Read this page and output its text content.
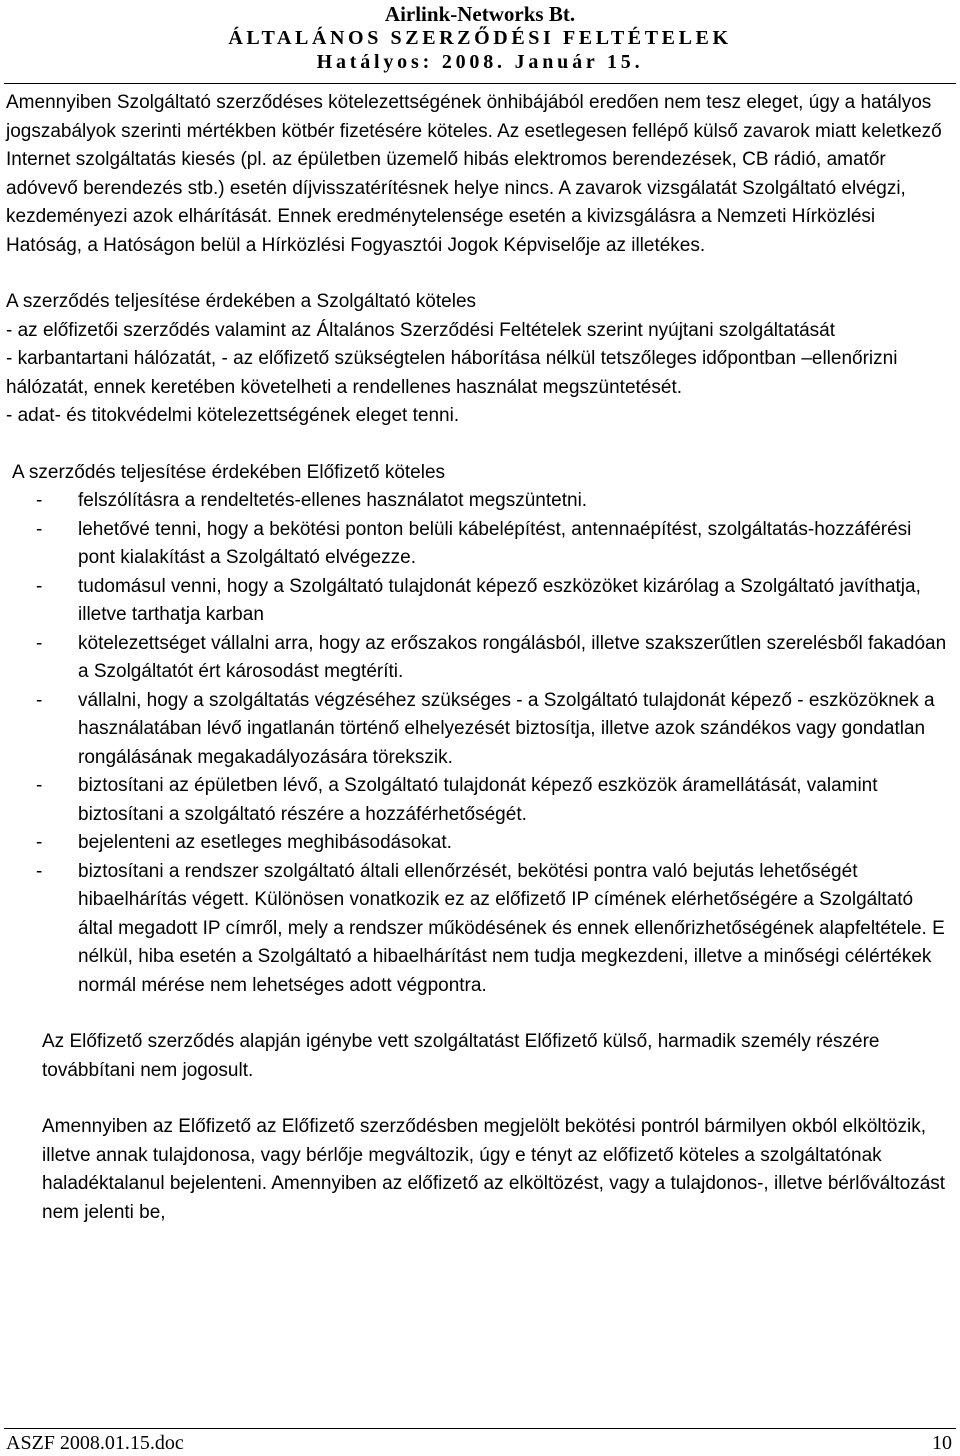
Airlink-Networks Bt.
ÁLTALÁNOS SZERZŐDÉSI FELTÉTELEK
Hatályos: 2008. Január 15.

Amennyiben Szolgáltató szerződéses kötelezettségének önhibájából eredően nem tesz eleget, úgy a hatályos jogszabályok szerinti mértékben kötbér fizetésére köteles. Az esetlegesen fellépő külső zavarok miatt keletkező Internet szolgáltatás kiesés (pl. az épületben üzemelő hibás elektromos berendezések, CB rádió, amatőr adóvevő berendezés stb.) esetén díjvisszatérítésnek helye nincs. A zavarok vizsgálatát Szolgáltató elvégzi, kezdeményezi azok elhárítását. Ennek eredménytelensége esetén a kivizsgálásra a Nemzeti Hírközlési Hatóság, a Hatóságon belül a Hírközlési Fogyasztói Jogok Képviselője az illetékes.

A szerződés teljesítése érdekében a Szolgáltató köteles

- az előfizetői szerződés valamint az Általános Szerződési Feltételek szerint nyújtani szolgáltatását

- karbantartani hálózatát, - az előfizető szükségtelen háborítása nélkül tetszőleges időpontban –ellenőrizni hálózatát, ennek keretében követelheti a rendellenes használat megszüntetését.

- adat- és titokvédelmi kötelezettségének eleget tenni.

A szerződés teljesítése érdekében Előfizető köteles

- felszólításra a rendeltetés-ellenes használatot megszüntetni.
- lehetővé tenni, hogy a bekötési ponton belüli kábelépítést, antennaépítést, szolgáltatás-hozzáférési pont kialakítást a Szolgáltató elvégezze.
- tudomásul venni, hogy a Szolgáltató tulajdonát képező eszközöket kizárólag a Szolgáltató javíthatja, illetve tarthatja karban
- kötelezettséget vállalni arra, hogy az erőszakos rongálásból, illetve szakszerűtlen szerelésből fakadóan a Szolgáltatót ért károsodást megtéríti.
- vállalni, hogy a szolgáltatás végzéséhez szükséges - a Szolgáltató tulajdonát képező - eszközöknek a használatában lévő ingatlanán történő elhelyezését biztosítja, illetve azok szándékos vagy gondatlan rongálásának megakadályozására törekszik.
- biztosítani az épületben lévő, a Szolgáltató tulajdonát képező eszközök áramellátását, valamint biztosítani a szolgáltató részére a hozzáférhetőségét.
- bejelenteni az esetleges meghibásodásokat.
- biztosítani a rendszer szolgáltató általi ellenőrzését, bekötési pontra való bejutás lehetőségét hibaelhárítás végett. Különösen vonatkozik ez az előfizető IP címének elérhetőségére a Szolgáltató által megadott IP címről, mely a rendszer működésének és ennek ellenőrizhetőségének alapfeltétele. E nélkül, hiba esetén a Szolgáltató a hibaelhárítást nem tudja megkezdeni, illetve a minőségi célértékek normál mérése nem lehetséges adott végpontra.

Az Előfizető szerződés alapján igénybe vett szolgáltatást Előfizető külső, harmadik személy részére továbbítani nem jogosult.

Amennyiben az Előfizető az Előfizető szerződésben megjelölt bekötési pontról bármilyen okból elköltözik, illetve annak tulajdonosa, vagy bérlője megváltozik, úgy e tényt az előfizető köteles a szolgáltatónak haladéktalanul bejelenteni. Amennyiben az előfizető az elköltözést, vagy a tulajdonos-, illetve bérlőváltozást nem jelenti be,

ASZF 2008.01.15.doc	10
